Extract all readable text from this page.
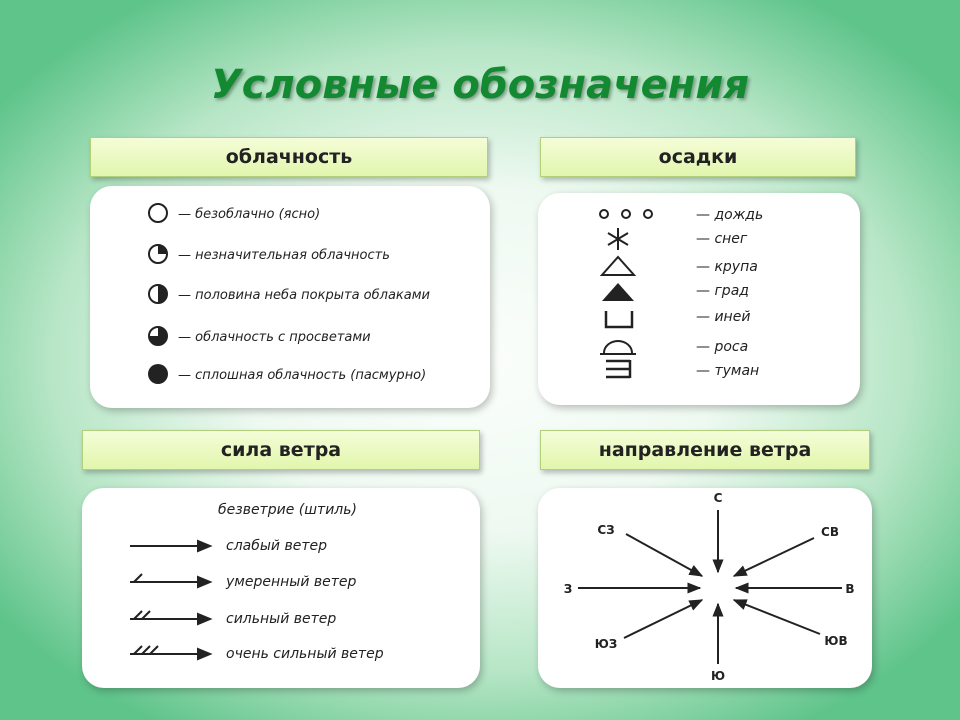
Условные обозначения
облачность
— безоблачно (ясно)
— незначительная облачность
— половина неба покрыта облаками
— облачность с просветами
— сплошная облачность (пасмурно)
осадки
— дождь
— снег
— крупа
— град
— иней
— роса
— туман
сила ветра
безветрие (штиль)
слабый ветер
умеренный ветер
сильный ветер
очень сильный ветер
направление ветра
С
Ю
З	В
СЗ	СВ
ЮЗ	ЮВ
